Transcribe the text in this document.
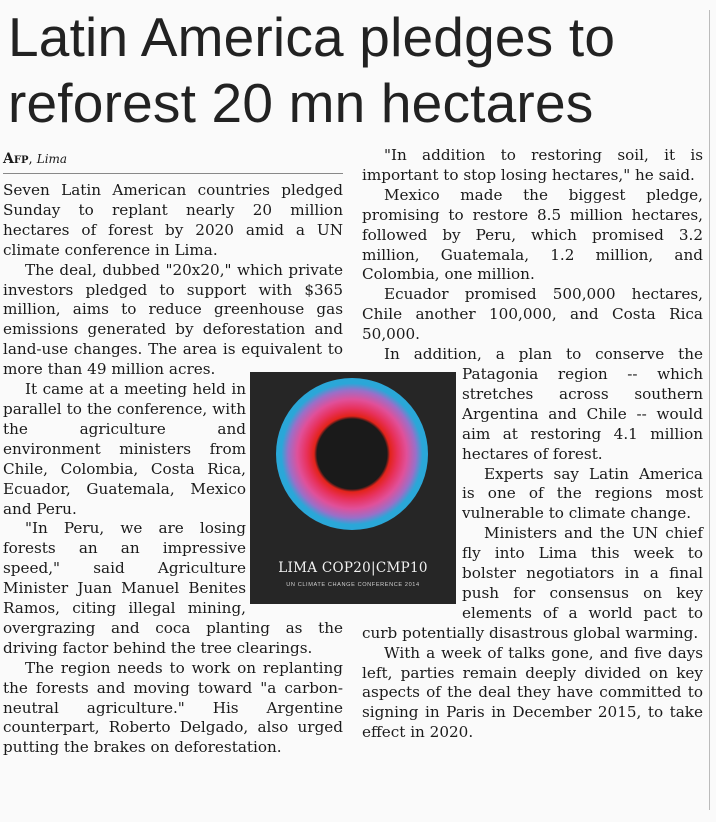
Latin America pledges to reforest 20 mn hectares
Afp, Lima

Seven Latin American countries pledged Sunday to replant nearly 20 million hectares of forest by 2020 amid a UN climate conference in Lima.

The deal, dubbed "20x20," which private investors pledged to support with $365 million, aims to reduce greenhouse gas emissions generated by deforestation and land-use changes. The area is equivalent to more than 49 million acres.

It came at a meeting held in parallel to the conference, with the agriculture and environment ministers from Chile, Colombia, Costa Rica, Ecuador, Guatemala, Mexico and Peru.

"In Peru, we are losing forests an an impressive speed," said Agriculture Minister Juan Manuel Benites Ramos, citing illegal mining, overgrazing and coca planting as the driving factor behind the tree clearings.

The region needs to work on replanting the forests and moving toward "a carbon-neutral agriculture." His Argentine counterpart, Roberto Delgado, also urged putting the brakes on deforestation.

"In addition to restoring soil, it is important to stop losing hectares," he said.

Mexico made the biggest pledge, promising to restore 8.5 million hectares, followed by Peru, which promised 3.2 million, Guatemala, 1.2 million, and Colombia, one million.

Ecuador promised 500,000 hectares, Chile another 100,000, and Costa Rica 50,000.

In addition, a plan to conserve the Patagonia region -- which stretches across southern Argentina and Chile -- would aim at restoring 4.1 million hectares of forest.

Experts say Latin America is one of the regions most vulnerable to climate change.

Ministers and the UN chief fly into Lima this week to bolster negotiators in a final push for consensus on key elements of a world pact to curb potentially disastrous global warming.

With a week of talks gone, and five days left, parties remain deeply divided on key aspects of the deal they have committed to signing in Paris in December 2015, to take effect in 2020.

LIMA COP20|CMP10
UN CLIMATE CHANGE CONFERENCE 2014
